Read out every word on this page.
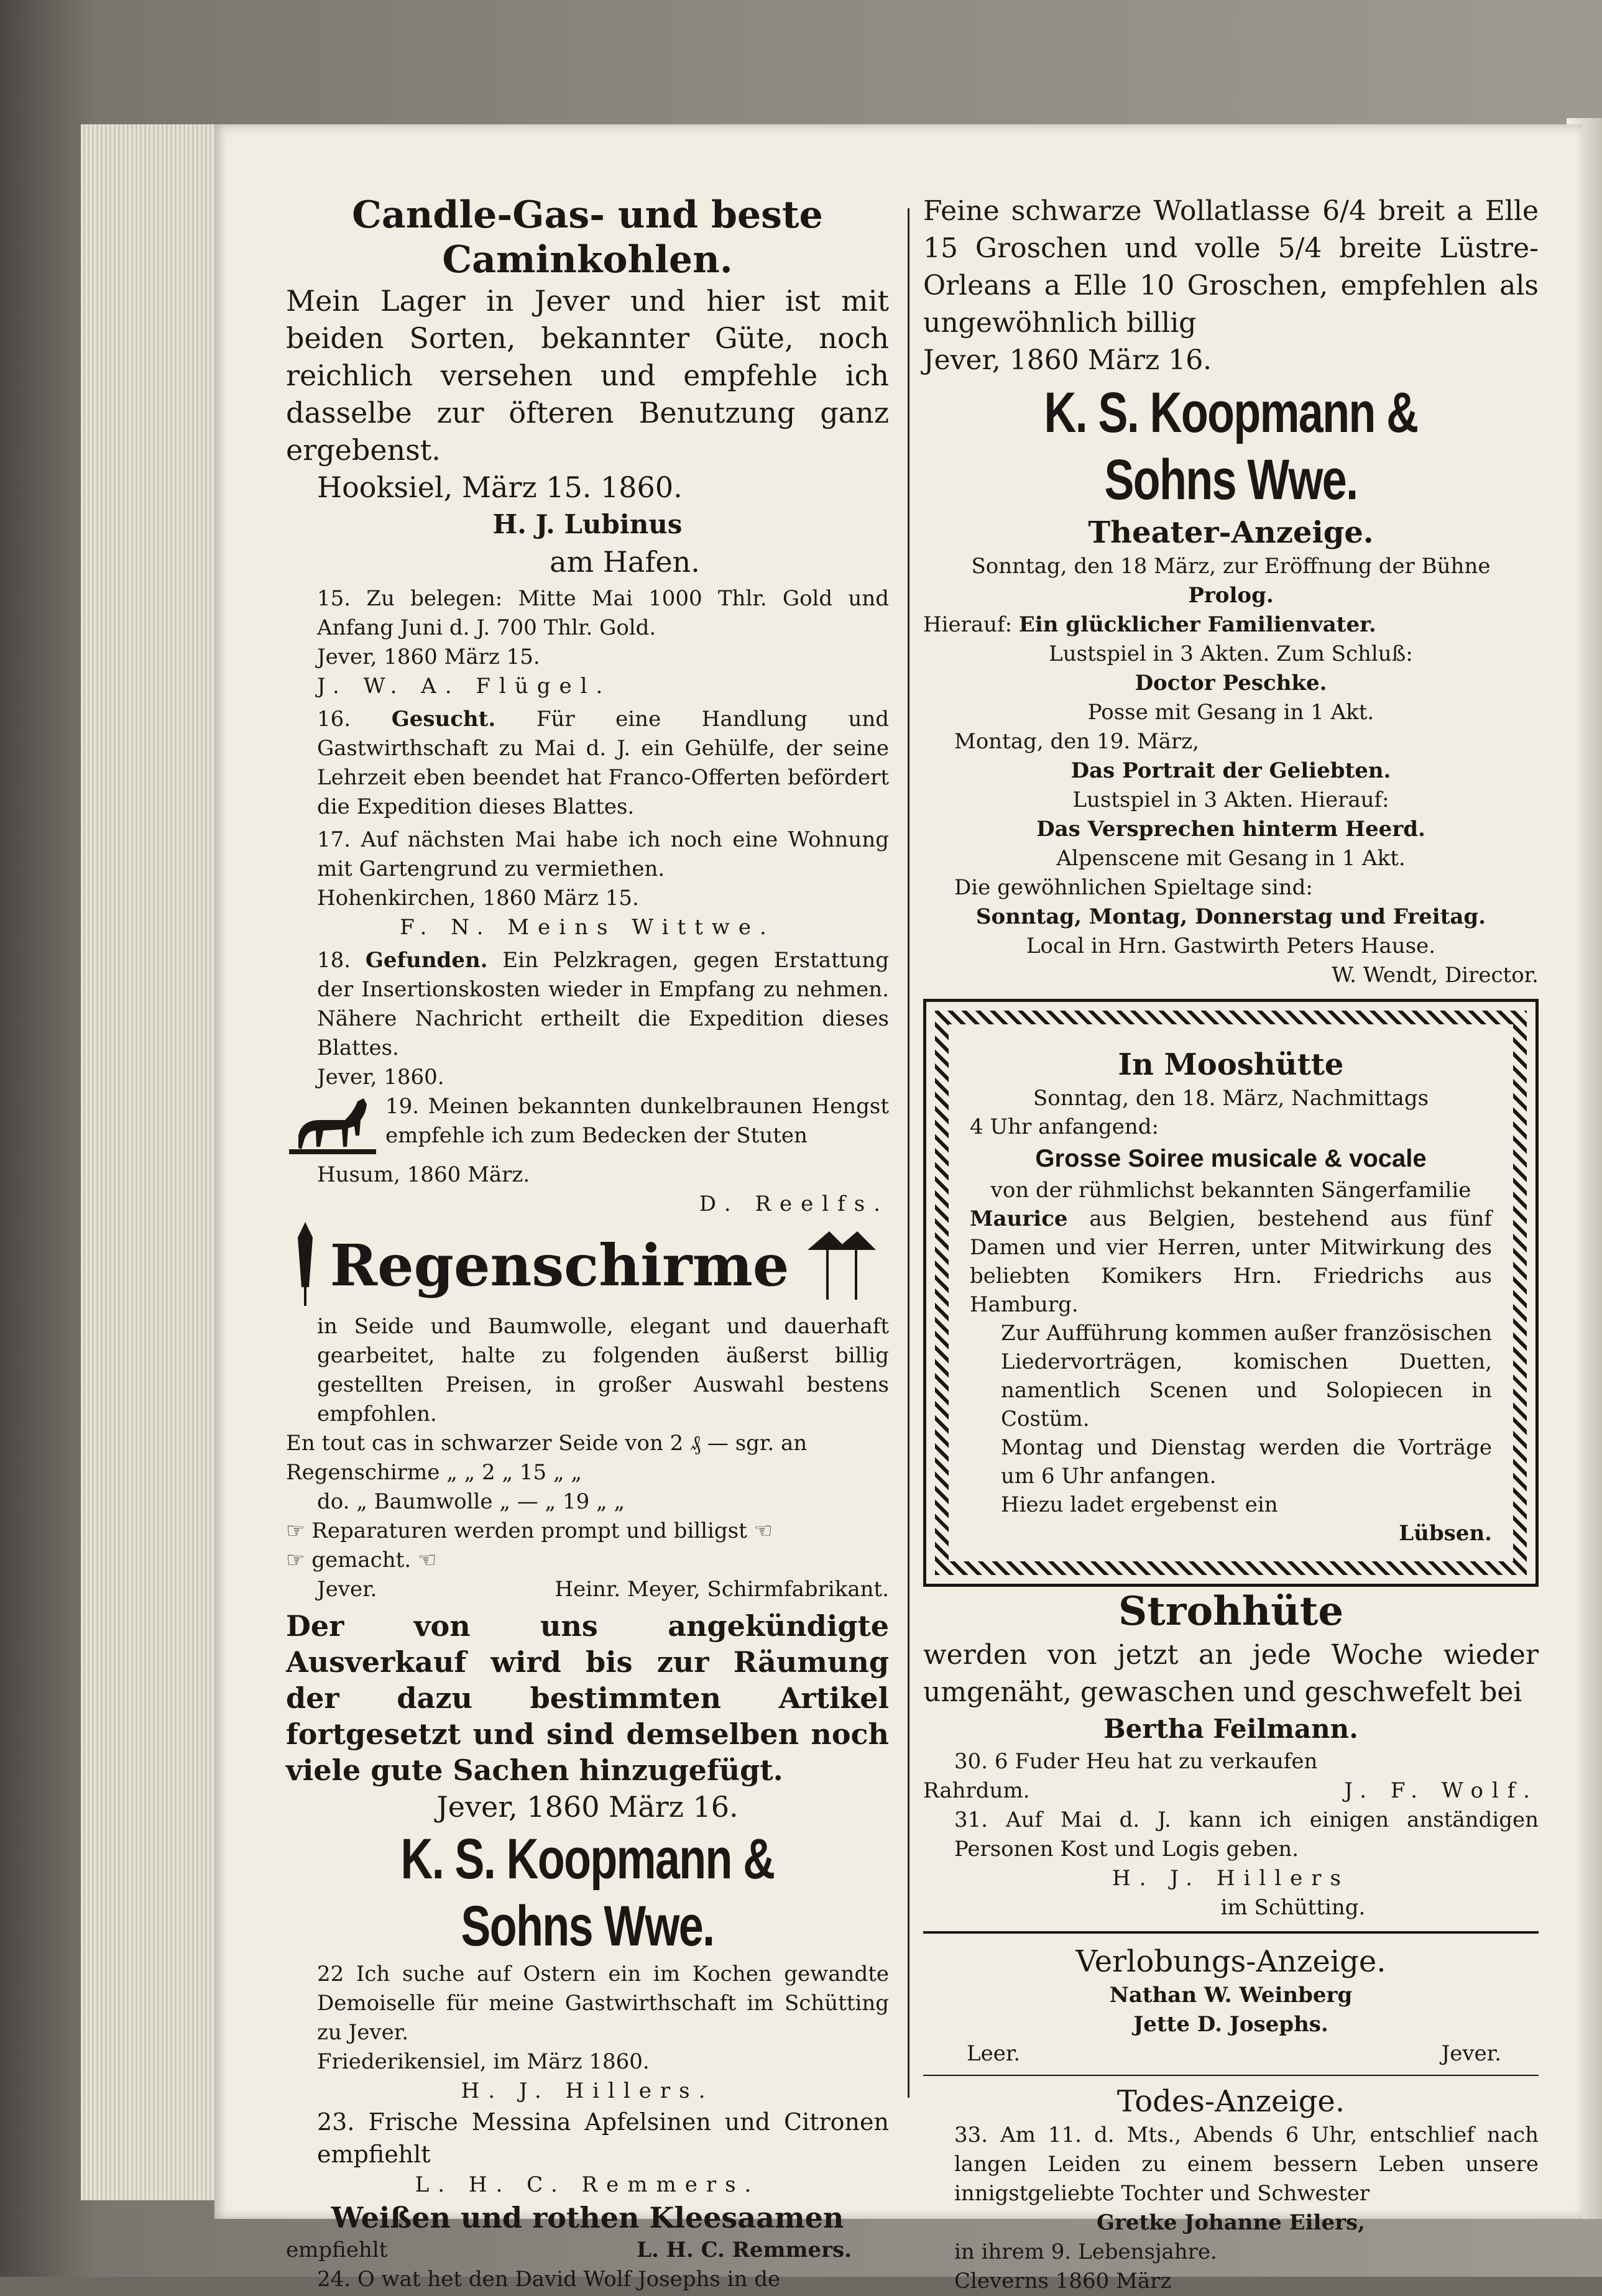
Candle-Gas- und beste
Caminkohlen.

Mein Lager in Jever und hier ist mit beiden Sorten, bekannter Güte, noch reichlich versehen und empfehle ich dasselbe zur öfteren Benutzung ganz ergebenst.

Hooksiel, März 15. 1860.
H. J. Lubinus
am Hafen.

15. Zu belegen: Mitte Mai 1000 Thlr. Gold und Anfang Juni d. J. 700 Thlr. Gold.

Jever, 1860 März 15.
J. W. A. Flügel.

16. Gesucht. Für eine Handlung und Gastwirthschaft zu Mai d. J. ein Gehülfe, der seine Lehrzeit eben beendet hat Franco-Offerten befördert die Expedition dieses Blattes.

17. Auf nächsten Mai habe ich noch eine Wohnung mit Gartengrund zu vermiethen.

Hohenkirchen, 1860 März 15.
F. N. Meins Wittwe.

18. Gefunden. Ein Pelzkragen, gegen Erstattung der Insertionskosten wieder in Empfang zu nehmen. Nähere Nachricht ertheilt die Expedition dieses Blattes.

Jever, 1860.

19. Meinen bekannten dunkelbraunen Hengst empfehle ich zum Bedecken der Stuten

Husum, 1860 März.
D. Reelfs.
Regenschirme

in Seide und Baumwolle, elegant und dauerhaft gearbeitet, halte zu folgenden äußerst billig gestellten Preisen, in großer Auswahl bestens empfohlen.

En tout cas in schwarzer Seide von 2 ₰ — sgr. an
Regenschirme „ „ 2 „ 15 „ „
do. „ Baumwolle „ — „ 19 „ „
☞ Reparaturen werden prompt und billigst ☜
☞ gemacht. ☜
Jever.	Heinr. Meyer, Schirmfabrikant.

Der von uns angekündigte Ausverkauf wird bis zur Räumung der dazu bestimmten Artikel fortgesetzt und sind demselben noch viele gute Sachen hinzugefügt.

Jever, 1860 März 16.
K. S. Koopmann & Sohns Wwe.

22 Ich suche auf Ostern ein im Kochen gewandte Demoiselle für meine Gastwirthschaft im Schütting zu Jever.

Friederikensiel, im März 1860.
H. J. Hillers.

23. Frische Messina Apfelsinen und Citronen empfiehlt

L. H. C. Remmers.
Weißen und rothen Kleesaamen
empfiehlt	L. H. C. Remmers.
24. O wat het den David Wolf Josephs in de

Feine schwarze Wollatlasse 6/4 breit a Elle 15 Groschen und volle 5/4 breite Lüstre-Orleans a Elle 10 Groschen, empfehlen als ungewöhnlich billig

Jever, 1860 März 16.
K. S. Koopmann & Sohns Wwe.
Theater-Anzeige.
Sonntag, den 18 März, zur Eröffnung der Bühne
Prolog.
Hierauf: Ein glücklicher Familienvater.
Lustspiel in 3 Akten. Zum Schluß:
Doctor Peschke.
Posse mit Gesang in 1 Akt.
Montag, den 19. März,
Das Portrait der Geliebten.
Lustspiel in 3 Akten. Hierauf:
Das Versprechen hinterm Heerd.
Alpenscene mit Gesang in 1 Akt.
Die gewöhnlichen Spieltage sind:
Sonntag, Montag, Donnerstag und Freitag.
Local in Hrn. Gastwirth Peters Hause.
W. Wendt, Director.
In Mooshütte
Sonntag, den 18. März, Nachmittags
4 Uhr anfangend:
Grosse Soiree musicale & vocale
von der rühmlichst bekannten Sängerfamilie

Maurice aus Belgien, bestehend aus fünf Damen und vier Herren, unter Mitwirkung des beliebten Komikers Hrn. Friedrichs aus Hamburg.

Zur Aufführung kommen außer französischen Liedervorträgen, komischen Duetten, namentlich Scenen und Solopiecen in Costüm.

Montag und Dienstag werden die Vorträge um 6 Uhr anfangen.

Hiezu ladet ergebenst ein
Lübsen.
Strohhüte

werden von jetzt an jede Woche wieder umgenäht, gewaschen und geschwefelt bei

Bertha Feilmann.
30. 6 Fuder Heu hat zu verkaufen
Rahrdum.	J. F. Wolf.

31. Auf Mai d. J. kann ich einigen anständigen Personen Kost und Logis geben.

H. J. Hillers
im Schütting.
Verlobungs-Anzeige.
Nathan W. Weinberg
Jette D. Josephs.
Leer.	Jever.
Todes-Anzeige.

33. Am 11. d. Mts., Abends 6 Uhr, entschlief nach langen Leiden zu einem bessern Leben unsere innigstgeliebte Tochter und Schwester

Gretke Johanne Eilers,
in ihrem 9. Lebensjahre.
Cleverns 1860 März
